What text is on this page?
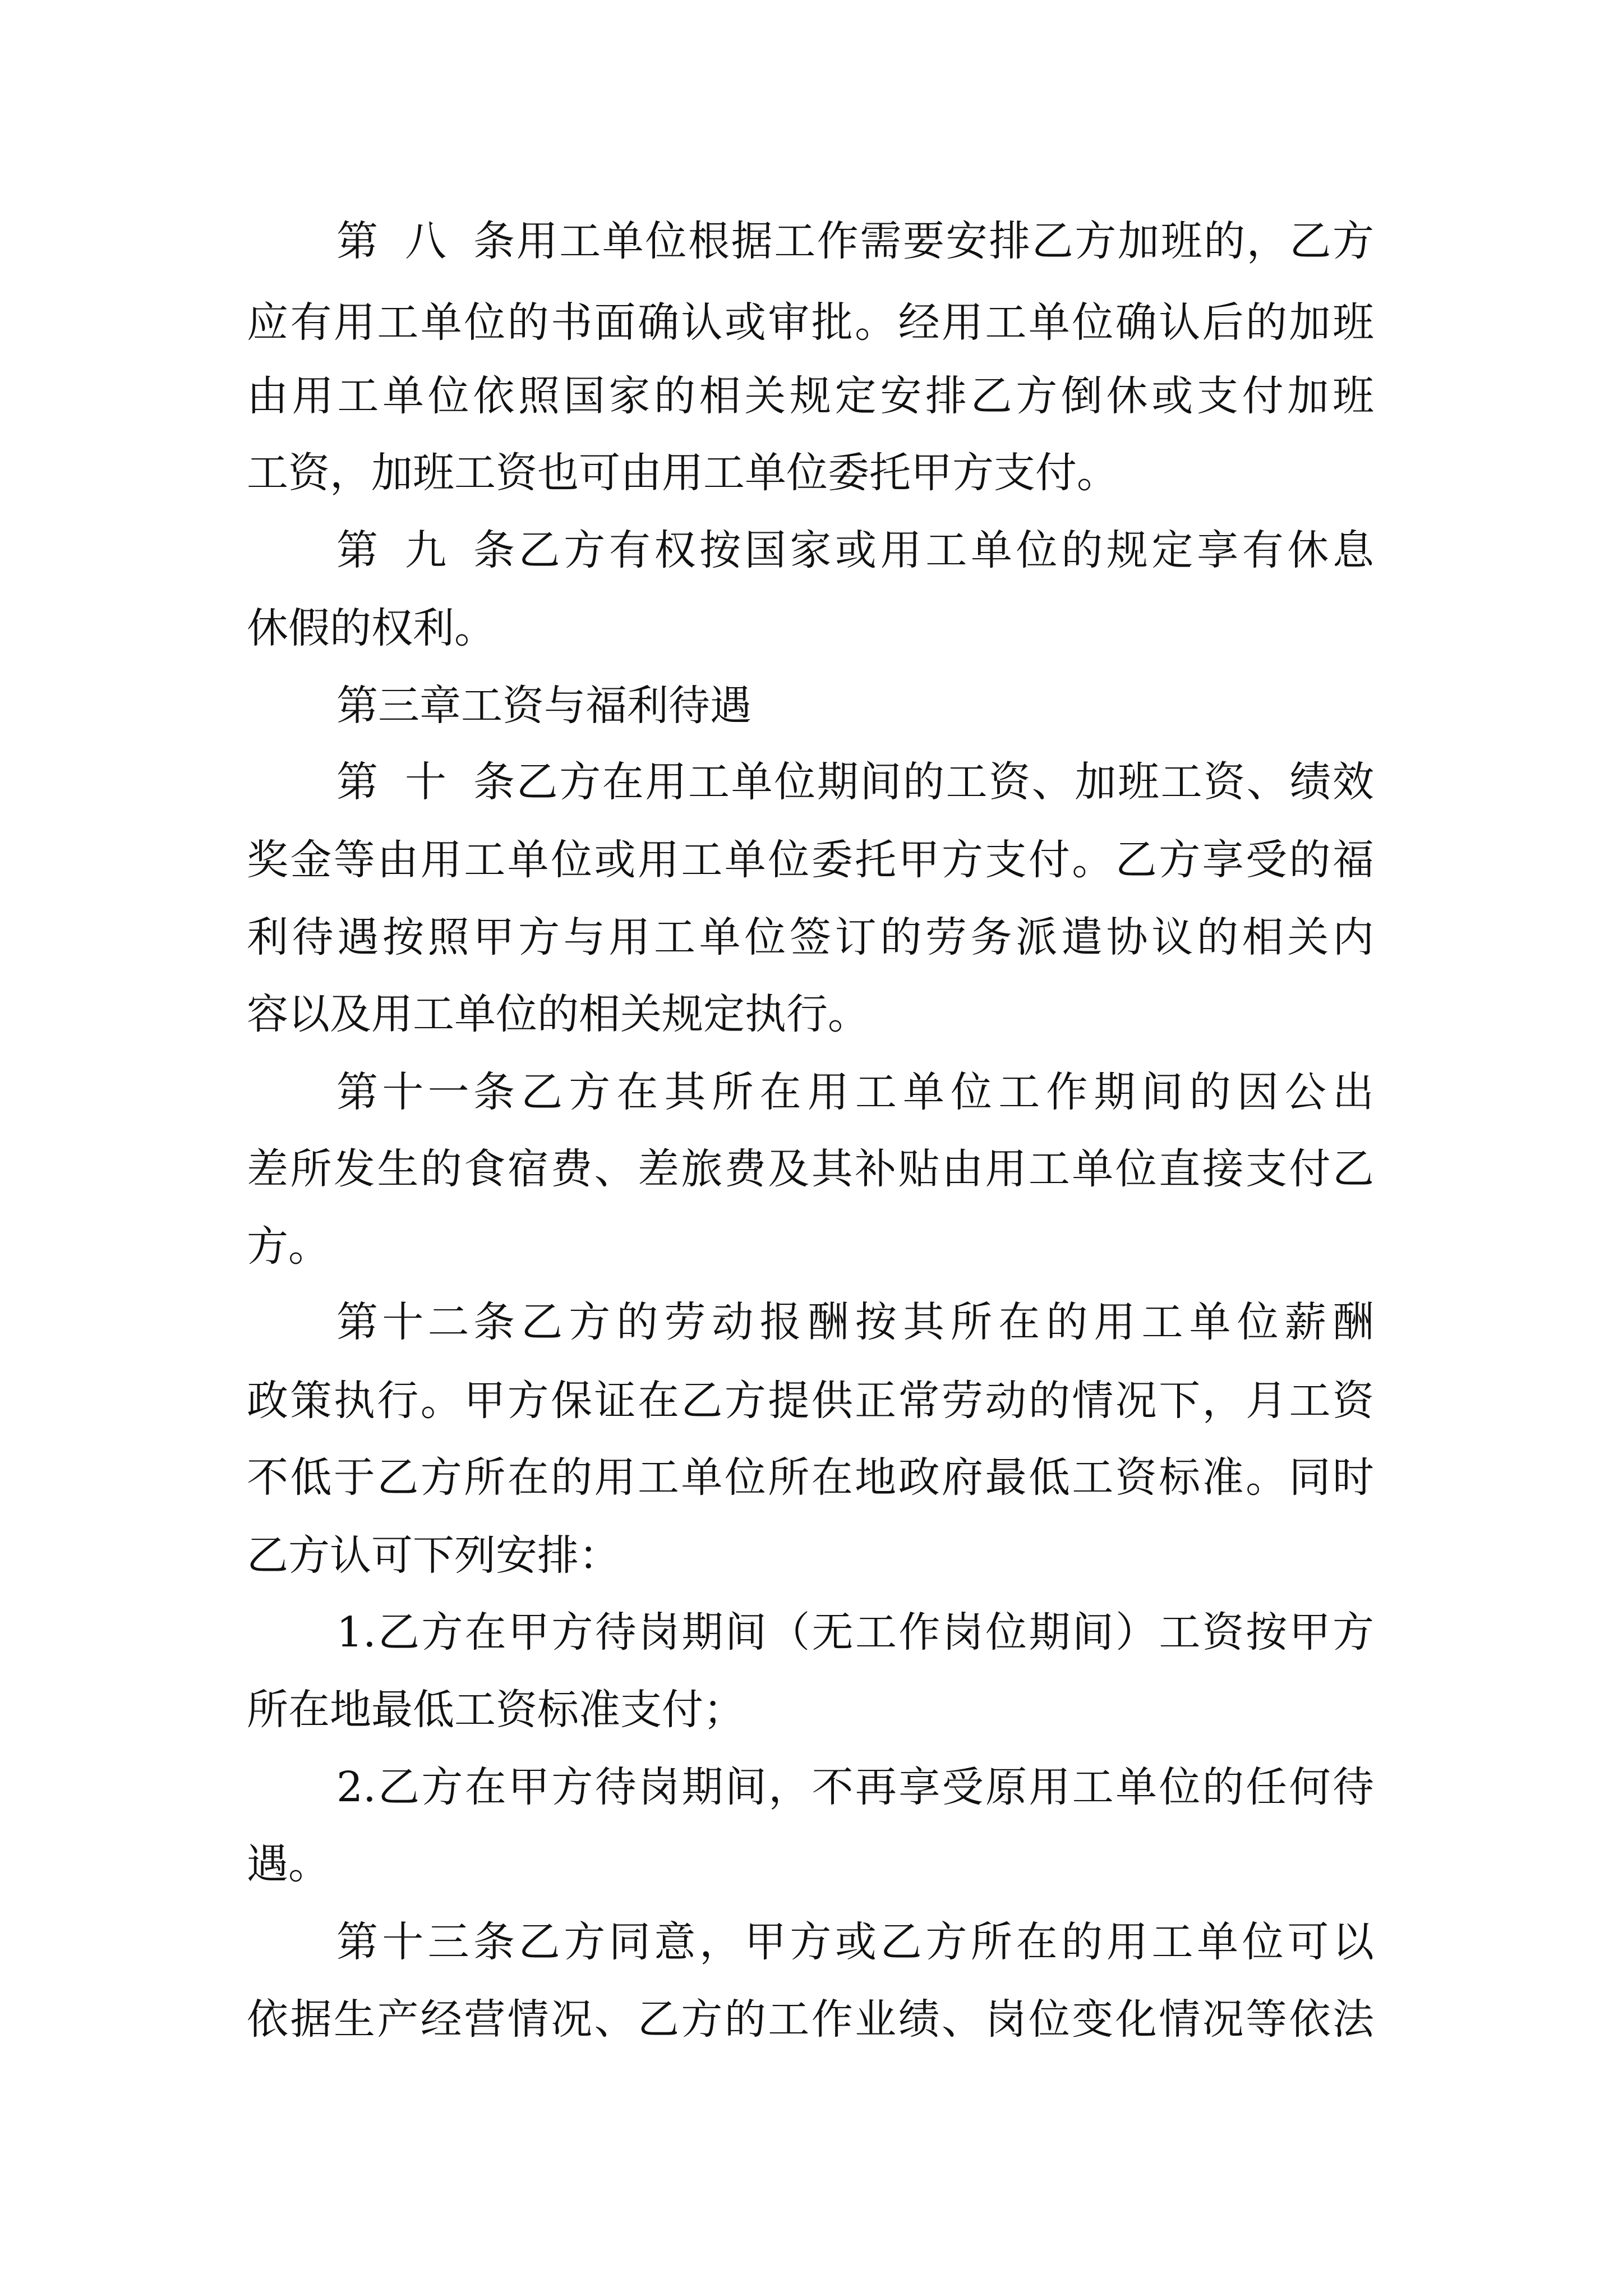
第八条用工单位根据工作需要安排乙方加班的，乙方

应有用工单位的书面确认或审批。经用工单位确认后的加班

由用工单位依照国家的相关规定安排乙方倒休或支付加班

工资，加班工资也可由用工单位委托甲方支付。

第九条乙方有权按国家或用工单位的规定享有休息

休假的权利。

第三章工资与福利待遇

第十条乙方在用工单位期间的工资、加班工资、绩效

奖金等由用工单位或用工单位委托甲方支付。乙方享受的福

利待遇按照甲方与用工单位签订的劳务派遣协议的相关内

容以及用工单位的相关规定执行。

第十一条乙方在其所在用工单位工作期间的因公出

差所发生的食宿费、差旅费及其补贴由用工单位直接支付乙

方。

第十二条乙方的劳动报酬按其所在的用工单位薪酬

政策执行。甲方保证在乙方提供正常劳动的情况下，月工资

不低于乙方所在的用工单位所在地政府最低工资标准。同时

乙方认可下列安排：

1.乙方在甲方待岗期间（无工作岗位期间）工资按甲方

所在地最低工资标准支付；

2.乙方在甲方待岗期间，不再享受原用工单位的任何待

遇。

第十三条乙方同意，甲方或乙方所在的用工单位可以

依据生产经营情况、乙方的工作业绩、岗位变化情况等依法
